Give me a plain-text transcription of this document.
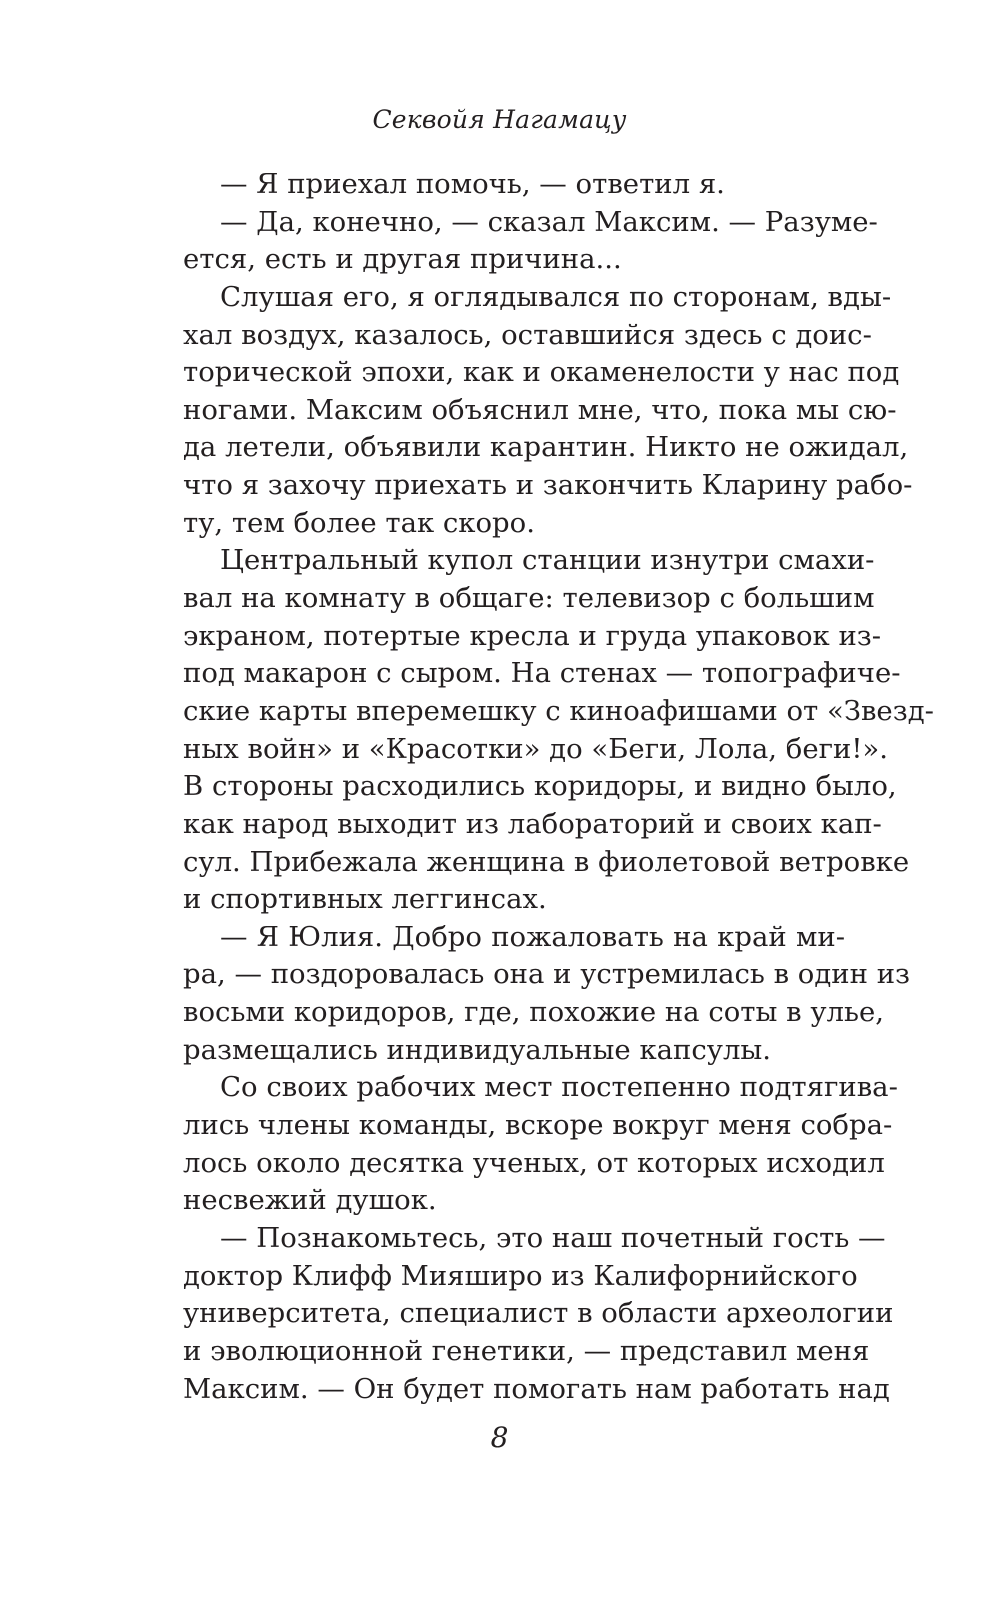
Секвойя Нагамацу
— Я приехал помочь, — ответил я.
— Да, конечно, — сказал Максим. — Разуме-
ется, есть и другая причина...
Слушая его, я оглядывался по сторонам, вды-
хал воздух, казалось, оставшийся здесь с доис-
торической эпохи, как и окаменелости у нас под
ногами. Максим объяснил мне, что, пока мы сю-
да летели, объявили карантин. Никто не ожидал,
что я захочу приехать и закончить Кларину рабо-
ту, тем более так скоро.
Центральный купол станции изнутри смахи-
вал на комнату в общаге: телевизор с большим
экраном, потертые кресла и груда упаковок из-
под макарон с сыром. На стенах — топографиче-
ские карты вперемешку с киноафишами от «Звезд-
ных войн» и «Красотки» до «Беги, Лола, беги!».
В стороны расходились коридоры, и видно было,
как народ выходит из лабораторий и своих кап-
сул. Прибежала женщина в фиолетовой ветровке
и спортивных леггинсах.
— Я Юлия. Добро пожаловать на край ми-
ра, — поздоровалась она и устремилась в один из
восьми коридоров, где, похожие на соты в улье,
размещались индивидуальные капсулы.
Со своих рабочих мест постепенно подтягива-
лись члены команды, вскоре вокруг меня собра-
лось около десятка ученых, от которых исходил
несвежий душок.
— Познакомьтесь, это наш почетный гость —
доктор Клифф Мияширо из Калифорнийского
университета, специалист в области археологии
и эволюционной генетики, — представил меня
Максим. — Он будет помогать нам работать над
8
